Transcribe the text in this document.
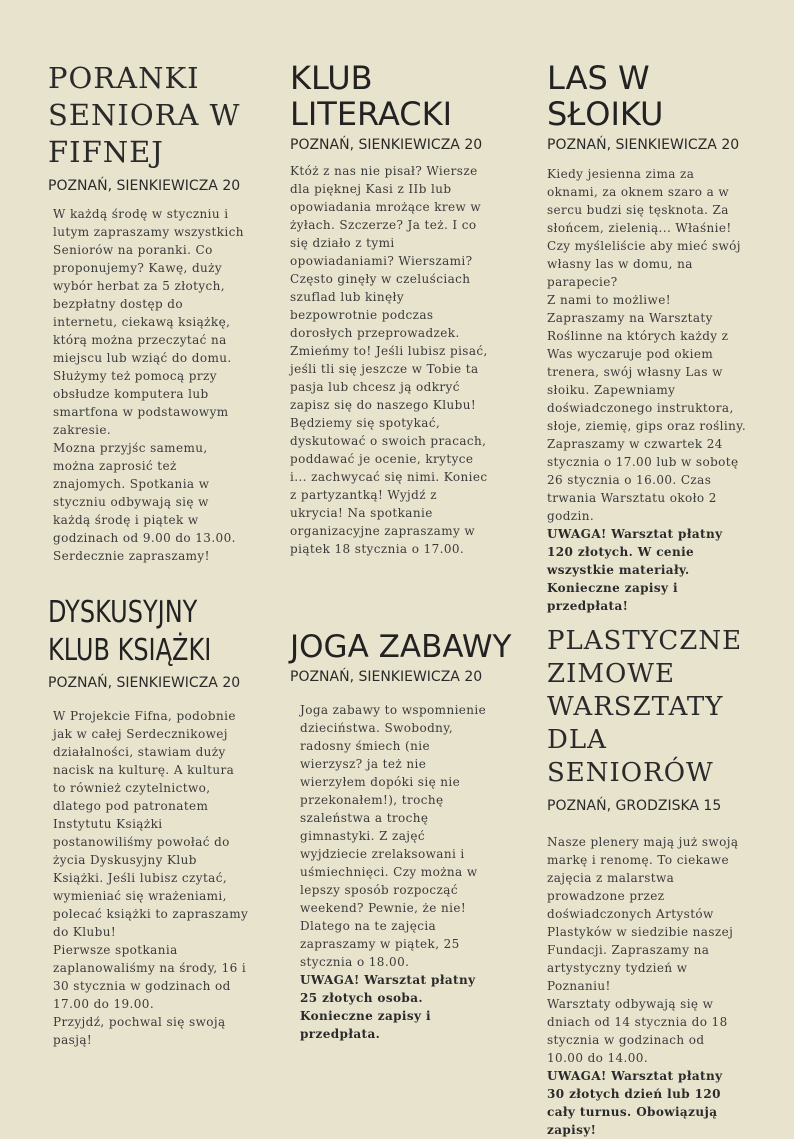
PORANKI SENIORA W FIFNEJ

POZNAŃ, SIENKIEWICZA 20

W każdą środę w styczniu i lutym zapraszamy wszystkich Seniorów na poranki. Co proponujemy? Kawę, duży wybór herbat za 5 złotych, bezpłatny dostęp do internetu, ciekawą książkę, którą można przeczytać na miejscu lub wziąć do domu. Służymy też pomocą przy obsłudze komputera lub smartfona w podstawowym zakresie.
Mozna przyjśc samemu, można zaprosić też znajomych. Spotkania w styczniu odbywają się w każdą środę i piątek w godzinach od 9.00 do 13.00. Serdecznie zapraszamy!

KLUB LITERACKI

POZNAŃ, SIENKIEWICZA 20

Któż z nas nie pisał? Wiersze dla pięknej Kasi z IIb lub opowiadania mrożące krew w żyłach. Szczerze? Ja też. I co się działo z tymi opowiadaniami? Wierszami? Często ginęły w czeluściach szuflad lub kinęły bezpowrotnie podczas dorosłych przeprowadzek. Zmieńmy to! Jeśli lubisz pisać, jeśli tli się jeszcze w Tobie ta pasja lub chcesz ją odkryć zapisz się do naszego Klubu! Będziemy się spotykać, dyskutować o swoich pracach, poddawać je ocenie, krytyce i... zachwycać się nimi. Koniec z partyzantką! Wyjdź z ukrycia! Na spotkanie organizacyjne zapraszamy w piątek 18 stycznia o 17.00.

LAS W SŁOIKU

POZNAŃ, SIENKIEWICZA 20

Kiedy jesienna zima za oknami, za oknem szaro a w sercu budzi się tęsknota. Za słońcem, zielenią... Właśnie! Czy myśleliście aby mieć swój własny las w domu, na parapecie?
Z nami to możliwe!
Zapraszamy na Warsztaty Roślinne na których każdy z Was wyczaruje pod okiem trenera, swój własny Las w słoiku. Zapewniamy doświadczonego instruktora, słoje, ziemię, gips oraz rośliny. Zapraszamy w czwartek 24 stycznia o 17.00 lub w sobotę 26 stycznia o 16.00. Czas trwania Warsztatu około 2 godzin.

UWAGA! Warsztat płatny 120 złotych. W cenie wszystkie materiały. Konieczne zapisy i przedpłata!

DYSKUSYJNY KLUB KSIĄŻKI

POZNAŃ, SIENKIEWICZA 20

W Projekcie Fifna, podobnie jak w całej Serdecznikowej działalności, stawiam duży nacisk na kulturę. A kultura to również czytelnictwo, dlatego pod patronatem Instytutu Książki postanowiliśmy powołać do życia Dyskusyjny Klub Książki. Jeśli lubisz czytać, wymieniać się wrażeniami, polecać książki to zapraszamy do Klubu!
Pierwsze spotkania zaplanowaliśmy na środy, 16 i 30 stycznia w godzinach od 17.00 do 19.00.
Przyjdź, pochwal się swoją pasją!

JOGA ZABAWY

POZNAŃ, SIENKIEWICZA 20

Joga zabawy to wspomnienie dzieciństwa. Swobodny, radosny śmiech (nie wierzysz? ja też nie wierzyłem dopóki się nie przekonałem!), trochę szaleństwa a trochę gimnastyki. Z zajęć wyjdziecie zrelaksowani i uśmiechnięci. Czy można w lepszy sposób rozpocząć weekend? Pewnie, że nie! Dlatego na te zajęcia zapraszamy w piątek, 25 stycznia o 18.00.

UWAGA! Warsztat płatny 25 złotych osoba. Konieczne zapisy i przedpłata.

PLASTYCZNE ZIMOWE WARSZTATY DLA SENIORÓW

POZNAŃ, GRODZISKA 15

Nasze plenery mają już swoją markę i renomę. To ciekawe zajęcia z malarstwa prowadzone przez doświadczonych Artystów Plastyków w siedzibie naszej Fundacji. Zapraszamy na artystyczny tydzień w Poznaniu!
Warsztaty odbywają się w dniach od 14 stycznia do 18 stycznia w godzinach od 10.00 do 14.00.

UWAGA! Warsztat płatny 30 złotych dzień lub 120 cały turnus. Obowiązują zapisy!
